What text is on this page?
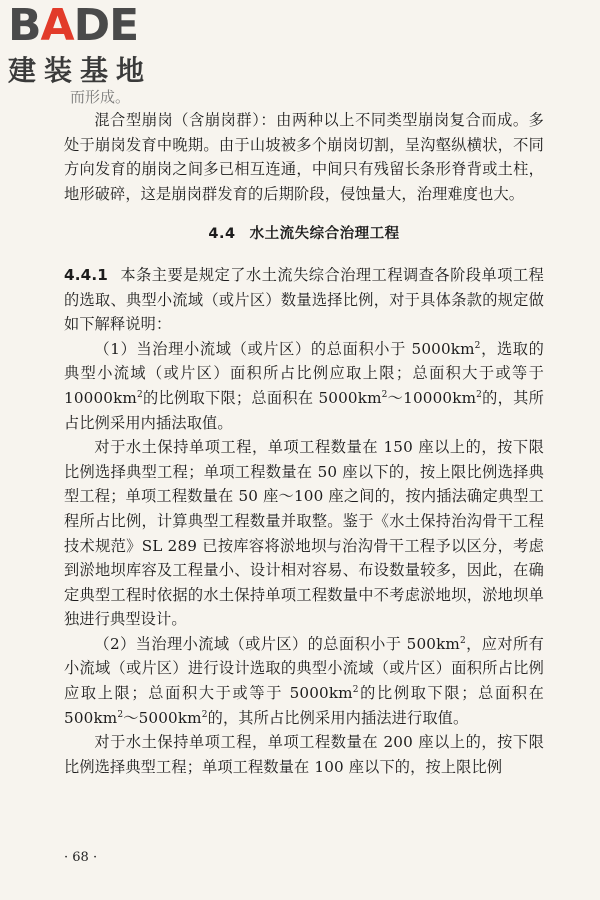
BADE
建装基地
而形成。

混合型崩岗（含崩岗群）：由两种以上不同类型崩岗复合而成。多处于崩岗发育中晚期。由于山坡被多个崩岗切割，呈沟壑纵横状，不同方向发育的崩岗之间多已相互连通，中间只有残留长条形脊背或土柱，地形破碎，这是崩岗群发育的后期阶段，侵蚀量大，治理难度也大。

4.4 水土流失综合治理工程

4.4.1 本条主要是规定了水土流失综合治理工程调查各阶段单项工程的选取、典型小流域（或片区）数量选择比例，对于具体条款的规定做如下解释说明：

（1）当治理小流域（或片区）的总面积小于 $5000km^2$，选取的典型小流域（或片区）面积所占比例应取上限；总面积大于或等于 $10000km^2$的比例取下限；总面积在 $5000km^2\sim 10000km^2$的，其所占比例采用内插法取值。

对于水土保持单项工程，单项工程数量在 150 座以上的，按下限比例选择典型工程；单项工程数量在 50 座以下的，按上限比例选择典型工程；单项工程数量在 50 座～100 座之间的，按内插法确定典型工程所占比例，计算典型工程数量并取整。鉴于《水土保持治沟骨干工程技术规范》SL 289 已按库容将淤地坝与治沟骨干工程予以区分，考虑到淤地坝库容及工程量小、设计相对容易、布设数量较多，因此，在确定典型工程时依据的水土保持单项工程数量中不考虑淤地坝，淤地坝单独进行典型设计。

（2）当治理小流域（或片区）的总面积小于 $500km^2$，应对所有小流域（或片区）进行设计选取的典型小流域（或片区）面积所占比例应取上限；总面积大于或等于 $5000km^2$的比例取下限；总面积在 $500km^2\sim 5000km^2$的，其所占比例采用内插法进行取值。

对于水土保持单项工程，单项工程数量在 200 座以上的，按下限比例选择典型工程；单项工程数量在 100 座以下的，按上限比例

· 68 ·
